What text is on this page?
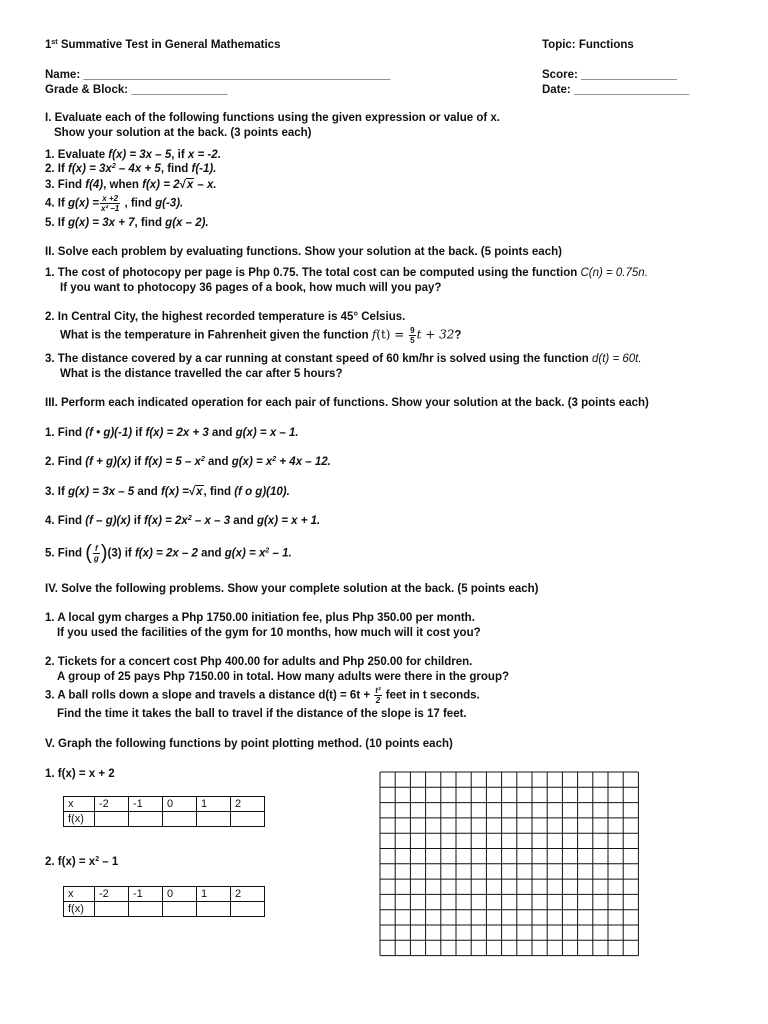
1st Summative Test in General Mathematics	Topic: Functions
Name: ________________________________________________	Score: _______________
Grade & Block: _______________	Date: __________________
I. Evaluate each of the following functions using the given expression or value of x.
Show your solution at the back. (3 points each)
1. Evaluate f(x) = 3x – 5, if x = -2.
2. If $f(x) = 3x^2 - 4x + 5$, find f(-1).
3. Find f(4), when f(x) = 2√x – x.
4. If $g(x) = \frac{x +2}{\text{x² –1}}$ , find g(-3).
5. If g(x) = 3x + 7, find g(x – 2).
II. Solve each problem by evaluating functions. Show your solution at the back. (5 points each)
1. The cost of photocopy per page is Php 0.75. The total cost can be computed using the function C(n) = 0.75n.
If you want to photocopy 36 pages of a book, how much will you pay?
2. In Central City, the highest recorded temperature is 45° Celsius.
What is the temperature in Fahrenheit given the function $f(t) = \frac{9}{5}$ t + 32?
3. The distance covered by a car running at constant speed of 60 km/hr is solved using the function d(t) = 60t.
What is the distance travelled the car after 5 hours?
III. Perform each indicated operation for each pair of functions. Show your solution at the back. (3 points each)
1. Find (f • g)(-1) if f(x) = 2x + 3 and g(x) = x – 1.
2. Find (f + g)(x) if $f(x) = 5 - x^2$ and $g(x) = x^2 + 4x - 12$.
3. If g(x) = 3x – 5 and f(x) =√x, find (f o g)(10).
4. Find (f – g)(x) if $f(x) = 2x^2 - x - 3$ and g(x) = x + 1.
5. Find ( $\frac{f}{g} )(3)$ if f(x) = 2x – 2 and $g(x) = x^2 - 1$.
IV. Solve the following problems. Show your complete solution at the back. (5 points each)
1. A local gym charges a Php 1750.00 initiation fee, plus Php 350.00 per month.
If you used the facilities of the gym for 10 months, how much will it cost you?
2. Tickets for a concert cost Php 400.00 for adults and Php 250.00 for children.
A group of 25 pays Php 7150.00 in total. How many adults were there in the group?
3. A ball rolls down a slope and travels a distance $d(t) = 6t + \frac{\text{t²}}{2}$ feet in t seconds.
Find the time it takes the ball to travel if the distance of the slope is 17 feet.
V. Graph the following functions by point plotting method. (10 points each)
1. f(x) = x + 2
x	-2	-1	0	1	2
f(x)					
2. $f(x) = x^2 - 1$
x	-2	-1	0	1	2
f(x)					
